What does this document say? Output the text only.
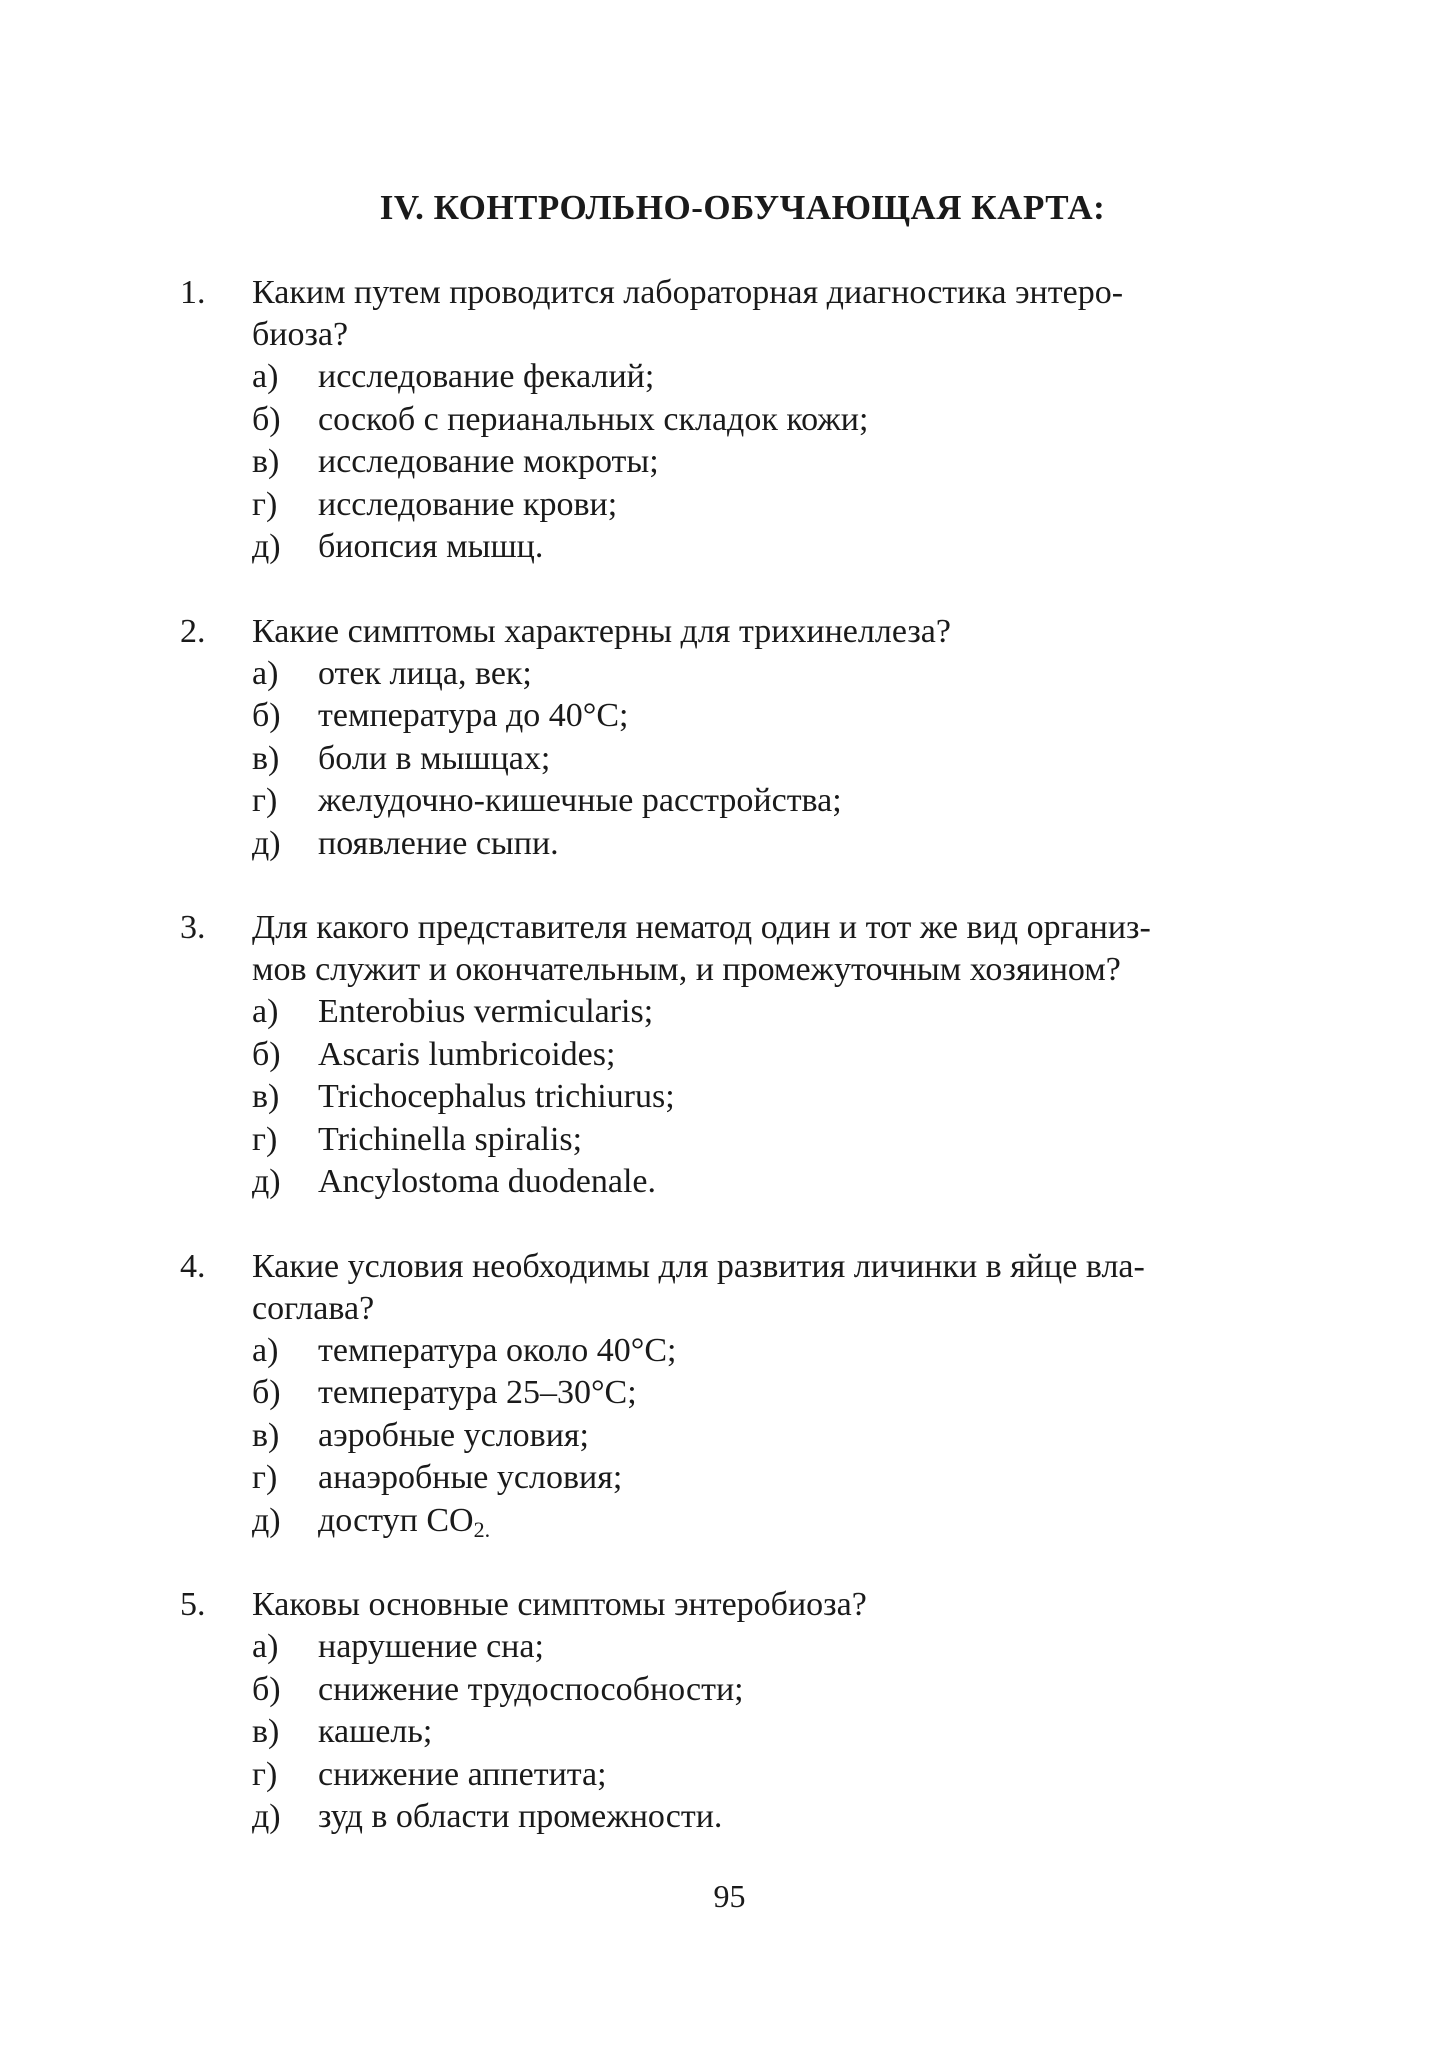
IV. КОНТРОЛЬНО-ОБУЧАЮЩАЯ КАРТА:
1. Каким путем проводится лабораторная диагностика энтеро-
биоза?
а)	исследование фекалий;
б)	соскоб с перианальных складок кожи;
в)	исследование мокроты;
г)	исследование крови;
д)	биопсия мышц.
2. Какие симптомы характерны для трихинеллеза?
а)	отек лица, век;
б)	температура до 40°С;
в)	боли в мышцах;
г)	желудочно-кишечные расстройства;
д)	появление сыпи.
3. Для какого представителя нематод один и тот же вид организ-
мов служит и окончательным, и промежуточным хозяином?
а)	Enterobius vermicularis;
б)	Ascaris lumbricoides;
в)	Trichocephalus trichiurus;
г)	Trichinella spiralis;
д)	Ancylostoma duodenale.
4. Какие условия необходимы для развития личинки в яйце вла-
соглава?
а)	температура около 40°С;
б)	температура 25–30°С;
в)	аэробные условия;
г)	анаэробные условия;
д)	доступ $CO_{2.}$
5. Каковы основные симптомы энтеробиоза?
а)	нарушение сна;
б)	снижение трудоспособности;
в)	кашель;
г)	снижение аппетита;
д)	зуд в области промежности.
95
